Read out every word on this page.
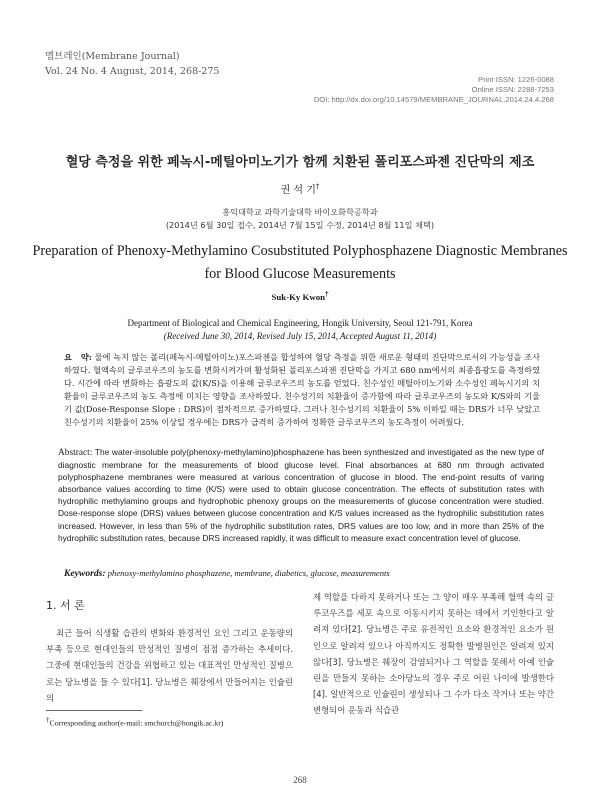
멤브레인(Membrane Journal)
Vol. 24 No. 4 August, 2014, 268-275
Print ISSN: 1226-0088
Online ISSN: 2288-7253
DOI: http://dx.doi.org/10.14579/MEMBRANE_JOURNAL.2014.24.4.268
혈당 측정을 위한 페녹시-메틸아미노기가 함께 치환된 폴리포스파젠 진단막의 제조
권 석 기†
홍익대학교 과학기술대학 바이오화학공학과
(2014년 6월 30일 접수, 2014년 7월 15일 수정, 2014년 8월 11일 채택)
Preparation of Phenoxy-Methylamino Cosubstituted Polyphosphazene Diagnostic Membranes
for Blood Glucose Measurements
Suk-Ky Kwon†
Department of Biological and Chemical Engineering, Hongik University, Seoul 121-791, Korea
(Received June 30, 2014, Revised July 15, 2014, Accepted August 11, 2014)
요   약: 물에 녹지 않는 폴리(페녹시-메틸아미노)포스파젠을 합성하여 혈당 측정을 위한 새로운 형태의 진단막으로서의 가능성을 조사하였다. 혈액속의 글루코우즈의 농도를 변화시켜가며 활성화된 폴리포스파젠 진단막을 가지고 680 nm에서의 최종흡광도를 측정하였다. 시간에 따라 변화하는 흡광도의 값(K/S)을 이용해 글루코우즈의 농도를 얻었다. 친수성인 메틸아미노기와 소수성인 페녹시기의 치환율이 글루코우즈의 농도 측정에 미치는 영향을 조사하였다. 친수성기의 치환율이 증가함에 따라 글루코우즈의 농도와 K/S와의 기울기 값(Dose-Response Slope : DRS)이 점차적으로 증가하였다. 그러나 친수성기의 치환율이 5% 이하일 때는 DRS가 너무 낮았고 친수성기의 치환율이 25% 이상일 경우에는 DRS가 급격히 증가하여 정확한 글루코우즈의 농도측정이 어려웠다.
Abstract: The water-insoluble poly(phenoxy-methylamino)phosphazene has been synthesized and investigated as the new type of diagnostic membrane for the measurements of blood glucose level. Final absorbances at 680 nm through activated polyphosphazene membranes were measured at various concentration of glucose in blood. The end-point results of varing absorbance values according to time (K/S) were used to obtain glucose concentration. The effects of substitution rates with hydrophilic methylamino groups and hydrophobic phenoxy groups on the measurements of glucose concentration were studied. Dose-response slope (DRS) values between glucose concentration and K/S values increased as the hydrophilic substitution rates increased. However, in less than 5% of the hydrophilic substitution rates, DRS values are too low, and in more than 25% of the hydrophilic substitution rates, because DRS increased rapidly, it was difficult to measure exact concentration level of glucose.
Keywords: phenoxy-methylamino phosphazene, membrane, diabetics, glucose, measurements
1. 서 론

최근 들어 식생활 습관의 변화와 환경적인 요인 그리고 운동량의 부족 등으로 현대인들의 만성적인 질병이 점점 증가하는 추세이다. 그중에 현대인들의 건강을 위협하고 있는 대표적인 만성적인 질병으로는 당뇨병을 들 수 있다[1]. 당뇨병은 췌장에서 만들어지는 인슐린의

†Corresponding author(e-mail: smchurch@hongik.ac.kr)

제 역할을 다하지 못하거나 또는 그 양이 매우 부족해 혈액 속의 글루코우즈를 세포 속으로 이동시키지 못하는 데에서 기인한다고 알려져 있다[2]. 당뇨병은 주로 유전적인 요소와 환경적인 요소가 원인으로 알려져 있으나 아직까지도 정확한 발병원인은 알려져 있지 않다[3]. 당뇨병은 췌장이 감염되거나 그 역할을 못해서 아예 인슐린을 만들지 못하는 소아당뇨의 경우 주로 어린 나이에 발생한다[4]. 일반적으로 인슐린이 생성되나 그 수가 다소 작거나 또는 약간 변형되어 운동과 식습관

268
